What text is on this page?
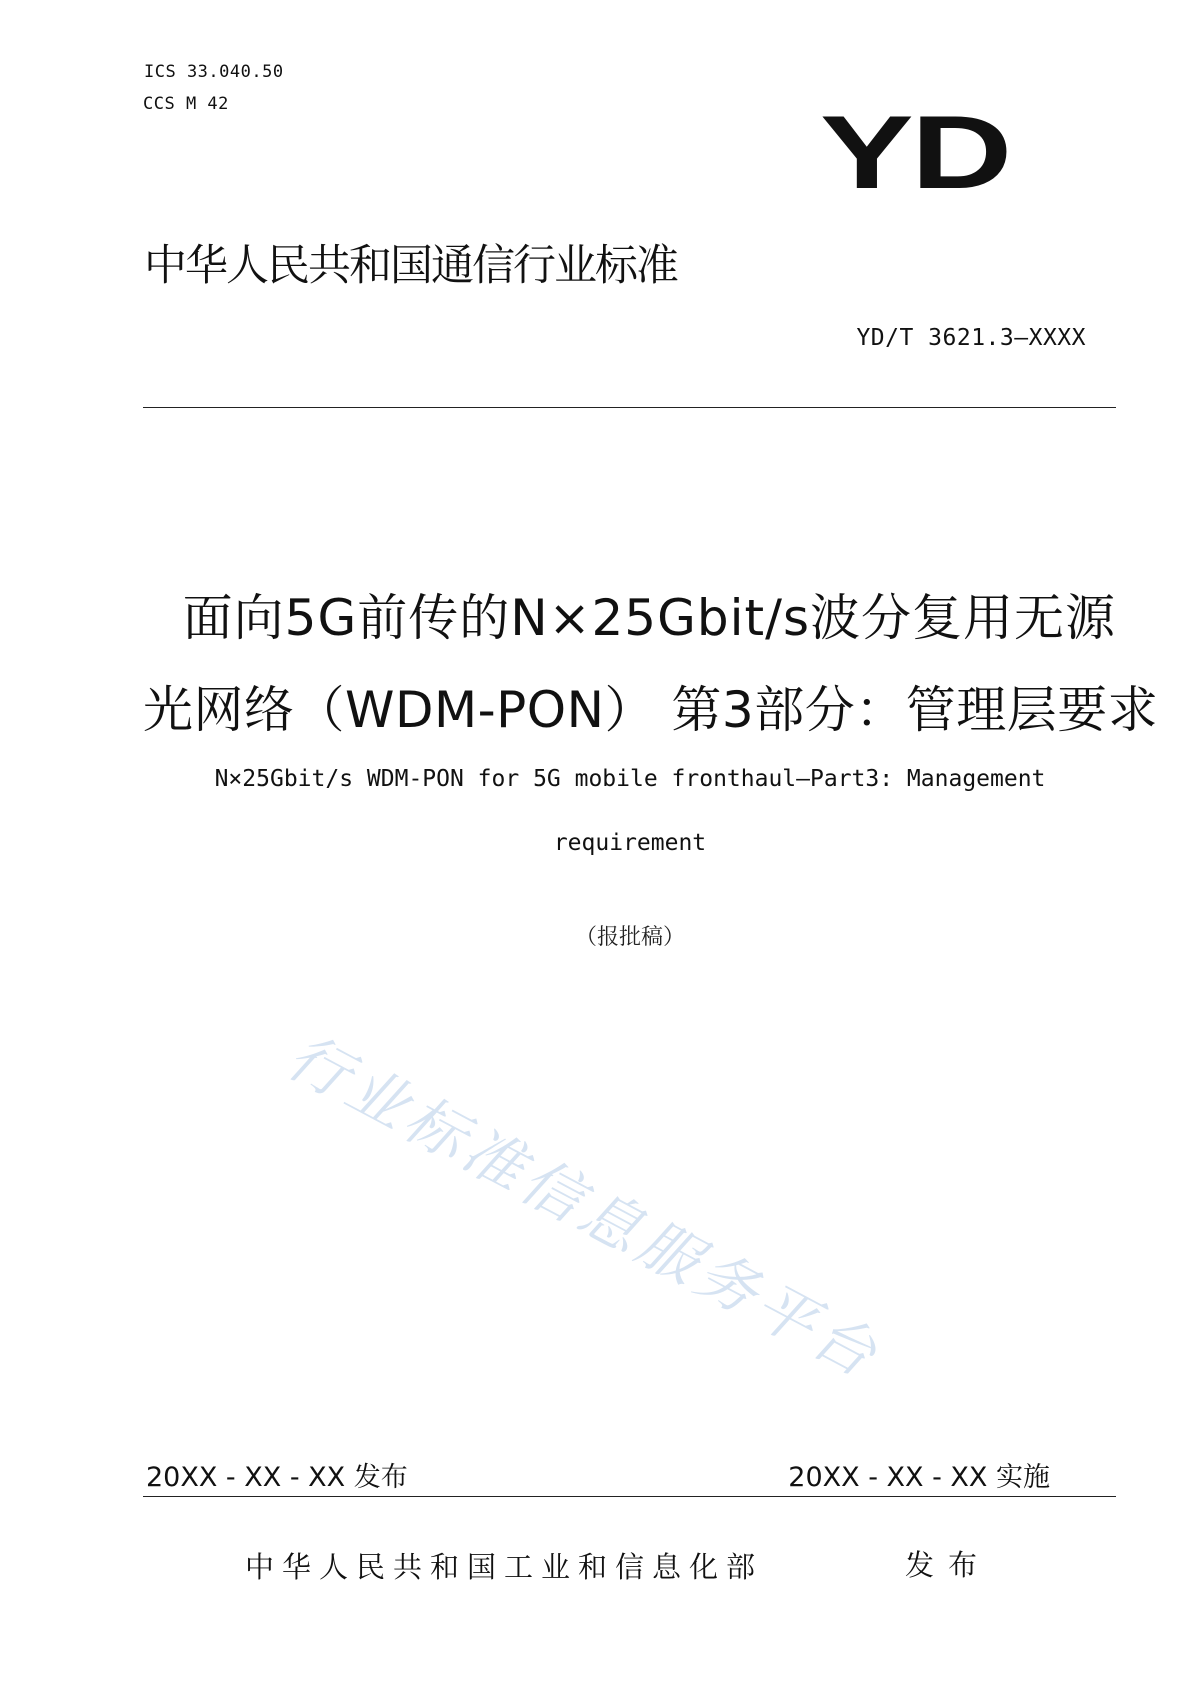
ICS 33.040.50
CCS M 42	YD
中华人民共和国通信行业标准
YD/T 3621.3—XXXX
面向5G前传的N×25Gbit/s波分复用无源
光网络（WDM-PON） 第3部分：管理层要求
N×25Gbit/s WDM-PON for 5G mobile fronthaul—Part3: Management
requirement
（报批稿）
行业标准信息服务平台
20XX - XX - XX 发布	20XX - XX - XX 实施
中华人民共和国工业和信息化部	发布
